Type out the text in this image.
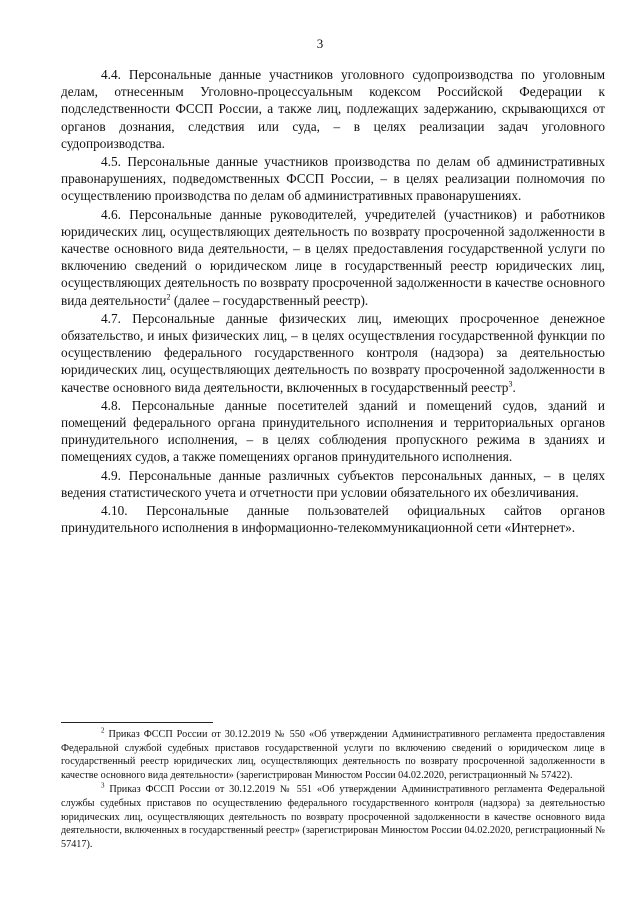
3

4.4. Персональные данные участников уголовного судопроизводства по уголовным делам, отнесенным Уголовно-процессуальным кодексом Российской Федерации к подследственности ФССП России, а также лиц, подлежащих задержанию, скрывающихся от органов дознания, следствия или суда, – в целях реализации задач уголовного судопроизводства.

4.5. Персональные данные участников производства по делам об административных правонарушениях, подведомственных ФССП России, – в целях реализации полномочия по осуществлению производства по делам об административных правонарушениях.

4.6. Персональные данные руководителей, учредителей (участников) и работников юридических лиц, осуществляющих деятельность по возврату просроченной задолженности в качестве основного вида деятельности, – в целях предоставления государственной услуги по включению сведений о юридическом лице в государственный реестр юридических лиц, осуществляющих деятельность по возврату просроченной задолженности в качестве основного вида деятельности$^2$ (далее – государственный реестр).

4.7. Персональные данные физических лиц, имеющих просроченное денежное обязательство, и иных физических лиц, – в целях осуществления государственной функции по осуществлению федерального государственного контроля (надзора) за деятельностью юридических лиц, осуществляющих деятельность по возврату просроченной задолженности в качестве основного вида деятельности, включенных в государственный реестр$^3$.

4.8. Персональные данные посетителей зданий и помещений судов, зданий и помещений федерального органа принудительного исполнения и территориальных органов принудительного исполнения, – в целях соблюдения пропускного режима в зданиях и помещениях судов, а также помещениях органов принудительного исполнения.

4.9. Персональные данные различных субъектов персональных данных, – в целях ведения статистического учета и отчетности при условии обязательного их обезличивания.

4.10. Персональные данные пользователей официальных сайтов органов принудительного исполнения в информационно-телекоммуникационной сети «Интернет».

$^2$ Приказ ФССП России от 30.12.2019 № 550 «Об утверждении Административного регламента предоставления Федеральной службой судебных приставов государственной услуги по включению сведений о юридическом лице в государственный реестр юридических лиц, осуществляющих деятельность по возврату просроченной задолженности в качестве основного вида деятельности» (зарегистрирован Минюстом России 04.02.2020, регистрационный № 57422).

$^3$ Приказ ФССП России от 30.12.2019 № 551 «Об утверждении Административного регламента Федеральной службы судебных приставов по осуществлению федерального государственного контроля (надзора) за деятельностью юридических лиц, осуществляющих деятельность по возврату просроченной задолженности в качестве основного вида деятельности, включенных в государственный реестр» (зарегистрирован Минюстом России 04.02.2020, регистрационный № 57417).
